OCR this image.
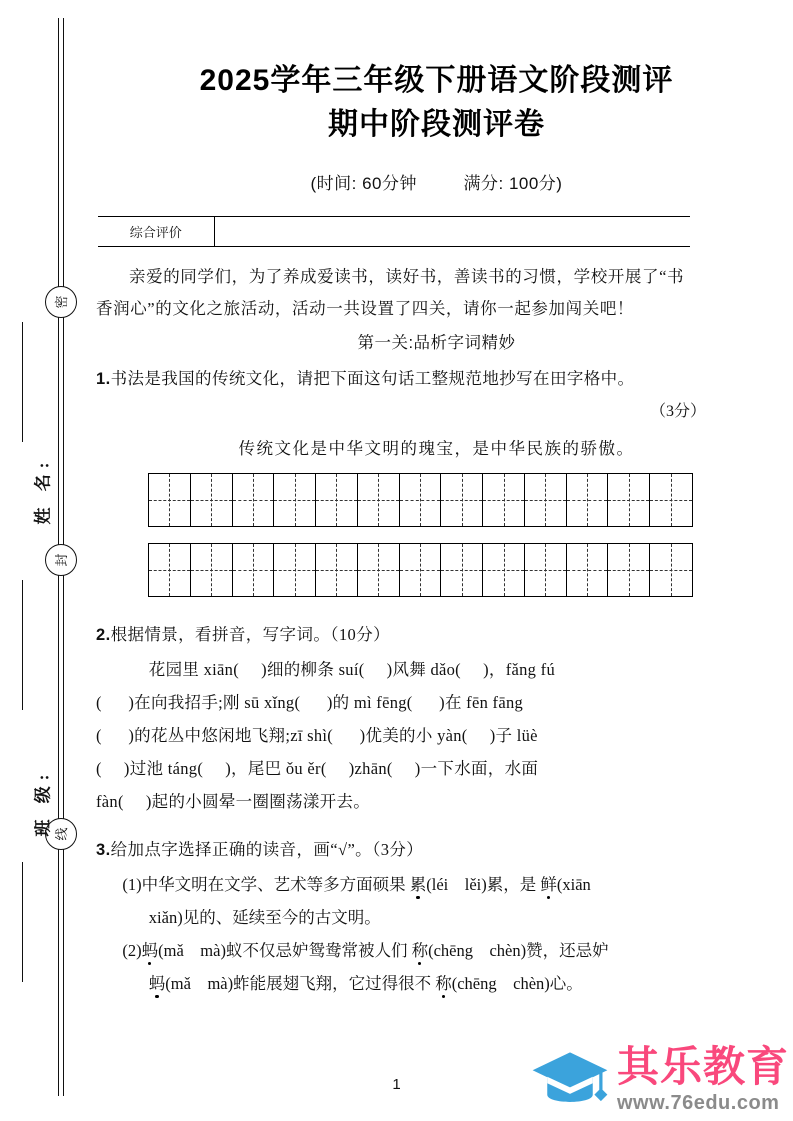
密
封
线
姓 名:
班 级:
2025学年三年级下册语文阶段测评
期中阶段测评卷
(时间: 60分钟	满分: 100分)
综合评价	
亲爱的同学们，为了养成爱读书，读好书，善读书的习惯，学校开展了“书香润心”的文化之旅活动，活动一共设置了四关，请你一起参加闯关吧！
第一关:品析字词精妙
1.书法是我国的传统文化，请把下面这句话工整规范地抄写在田字格中。
（3分）
传统文化是中华文明的瑰宝，是中华民族的骄傲。
2.根据情景，看拼音，写字词。（10分）
花园里 xiān(     )细的柳条 suí(     )风舞 dǎo(     )，fǎng fú
(      )在向我招手;刚 sū xǐng(      )的 mì fēng(      )在 fēn fāng
(      )的花丛中悠闲地飞翔;zī shì(      )优美的小 yàn(     )子 lüè
(     )过池 táng(     )，尾巴 ǒu ěr(     )zhān(     )一下水面，水面
fàn(     )起的小圆晕一圈圈荡漾开去。
3.给加点字选择正确的读音，画“√”。（3分）
(1)中华文明在文学、艺术等多方面硕果 累(léi　lěi)累，是 鲜(xiān
xiǎn)见的、延续至今的古文明。
(2)蚂(mǎ　mà)蚁不仅忌妒鸳鸯常被人们 称(chēng　chèn)赞，还忌妒
蚂(mǎ　mà)蚱能展翅飞翔，它过得很不 称(chēng　chèn)心。
1	其乐教育
www.76edu.com
